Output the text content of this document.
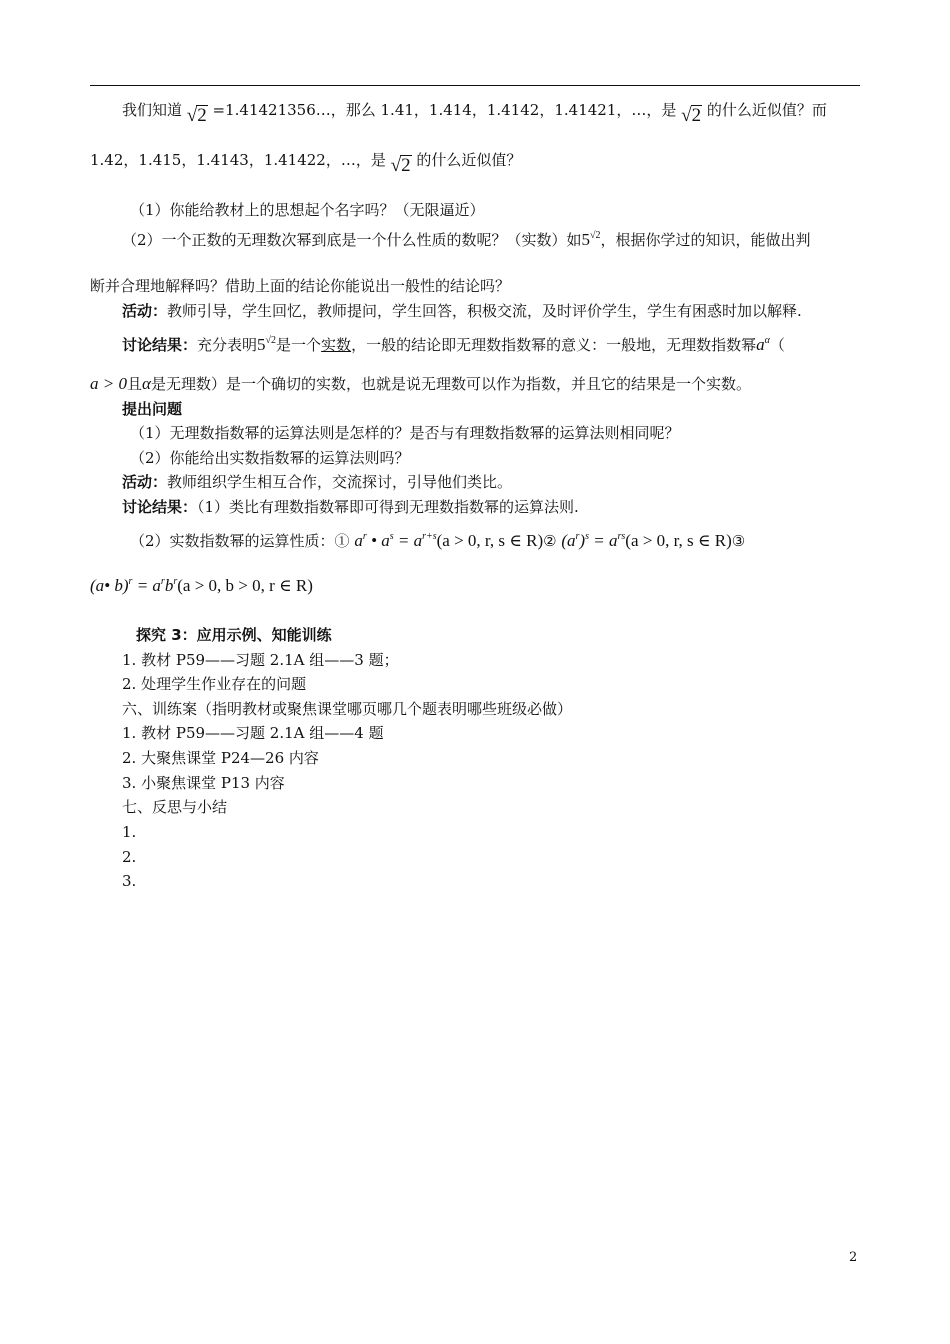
我们知道 √2 =1.41421356…，那么 1.41，1.414，1.4142，1.41421，…，是 √2 的什么近似值？而
1.42，1.415，1.4143，1.41422，…，是 √2 的什么近似值？
（1）你能给教材上的思想起个名字吗？（无限逼近）
（2）一个正数的无理数次幂到底是一个什么性质的数呢？（实数）如$5^{√2}$，根据你学过的知识，能做出判
断并合理地解释吗？借助上面的结论你能说出一般性的结论吗？
活动：教师引导，学生回忆，教师提问，学生回答，积极交流，及时评价学生，学生有困惑时加以解释.
讨论结果：充分表明$5^{√2}$是一个实数，一般的结论即无理数指数幂的意义：一般地，无理数指数幂$a^\alpha$（
a > 0且α是无理数）是一个确切的实数，也就是说无理数可以作为指数，并且它的结果是一个实数。
提出问题
（1）无理数指数幂的运算法则是怎样的？是否与有理数指数幂的运算法则相同呢？
（2）你能给出实数指数幂的运算法则吗？
活动：教师组织学生相互合作，交流探讨，引导他们类比。
讨论结果：（1）类比有理数指数幂即可得到无理数指数幂的运算法则.
（2）实数指数幂的运算性质：① $a^r$ • $a^s = a^{r+s}(a > 0$, r, s ∈ R)② $(a^r)^s = a^{rs}(a > 0$, r, s ∈ R)③
(a• $b)^r = a^rb^r(a > 0$, b > 0, r ∈ R)
探究 3：应用示例、知能训练
1. 教材 P59——习题 2.1A 组——3 题；
2. 处理学生作业存在的问题
六、训练案（指明教材或聚焦课堂哪页哪几个题表明哪些班级必做）
1. 教材 P59——习题 2.1A 组——4 题
2. 大聚焦课堂 P24—26 内容
3. 小聚焦课堂 P13 内容
七、反思与小结
1.
2.
3.
2
